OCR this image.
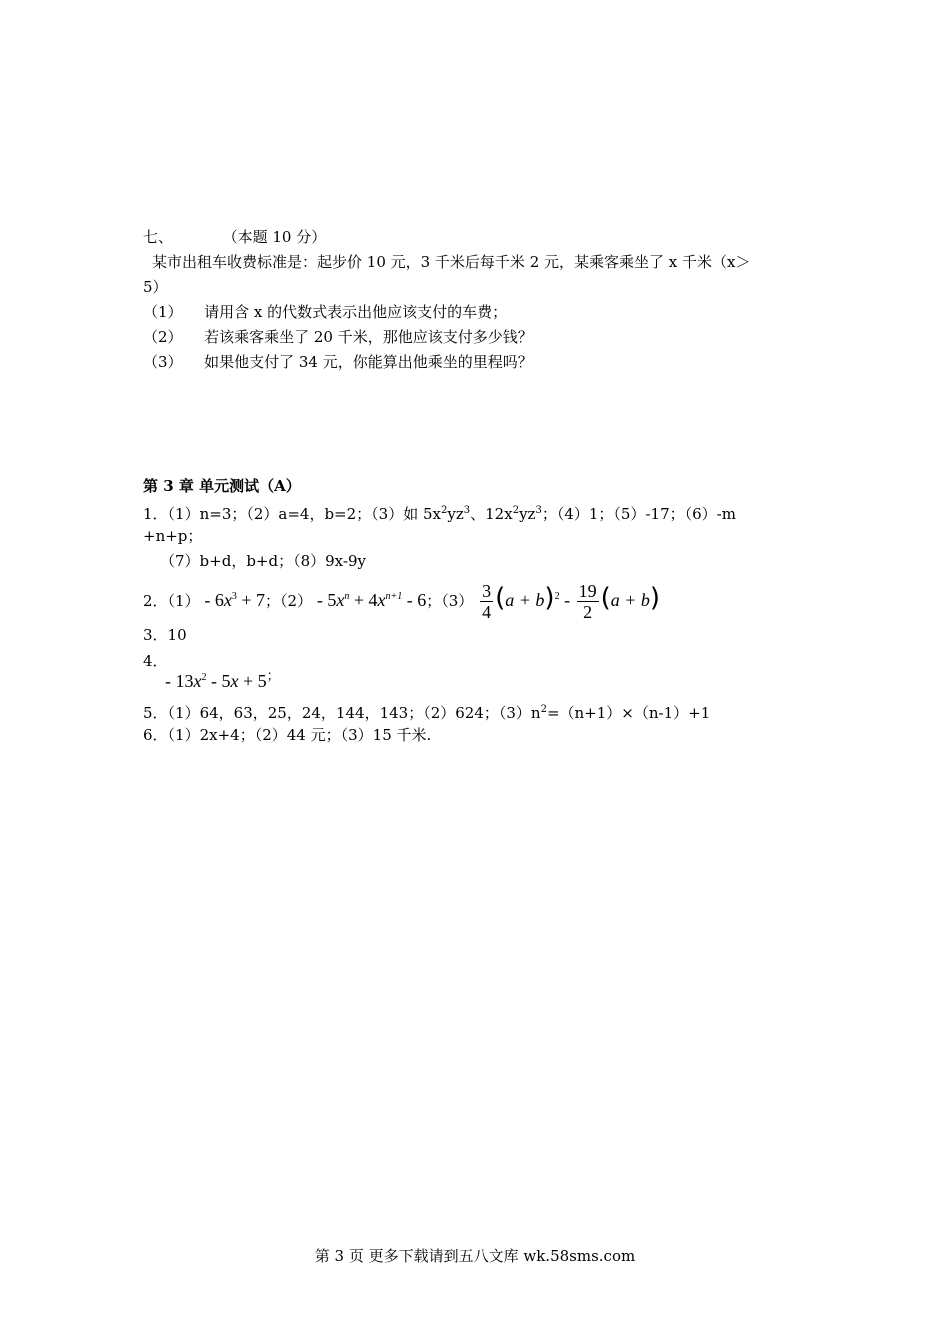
七、	（本题 10 分）
某市出租车收费标准是：起步价 10 元，3 千米后每千米 2 元，某乘客乘坐了 x 千米（x＞
5）
（1） 请用含 x 的代数式表示出他应该支付的车费；
（2） 若该乘客乘坐了 20 千米，那他应该支付多少钱？
（3） 如果他支付了 34 元，你能算出他乘坐的里程吗？
第 3 章 单元测试（A）
1．（1）n=3；（2）a=4，b=2；（3）如 $5x^2yz^3$、$12x^2yz^3$；（4）1；（5）-17；（6）-m
+n+p；
（7）b+d，b+d；（8）9x-9y
2．$(1) - 6x^3 + 7$；$(2) - 5x^n + 4x^{n+1} - 6$；$(3) \frac{3}{4} (a + b)^2 - \frac{19}{2} (a + b)$
3．10
4．
- $13x^2 - 5x + 5^;$
5．（1）64，63，25，24，144，143；（2）624；$(3)n^2=(n+1)\times(n-1)+1$
6．（1）2x+4；（2）44 元；（3）15 千米.
第 3 页 更多下载请到五八文库 wk.58sms.com
